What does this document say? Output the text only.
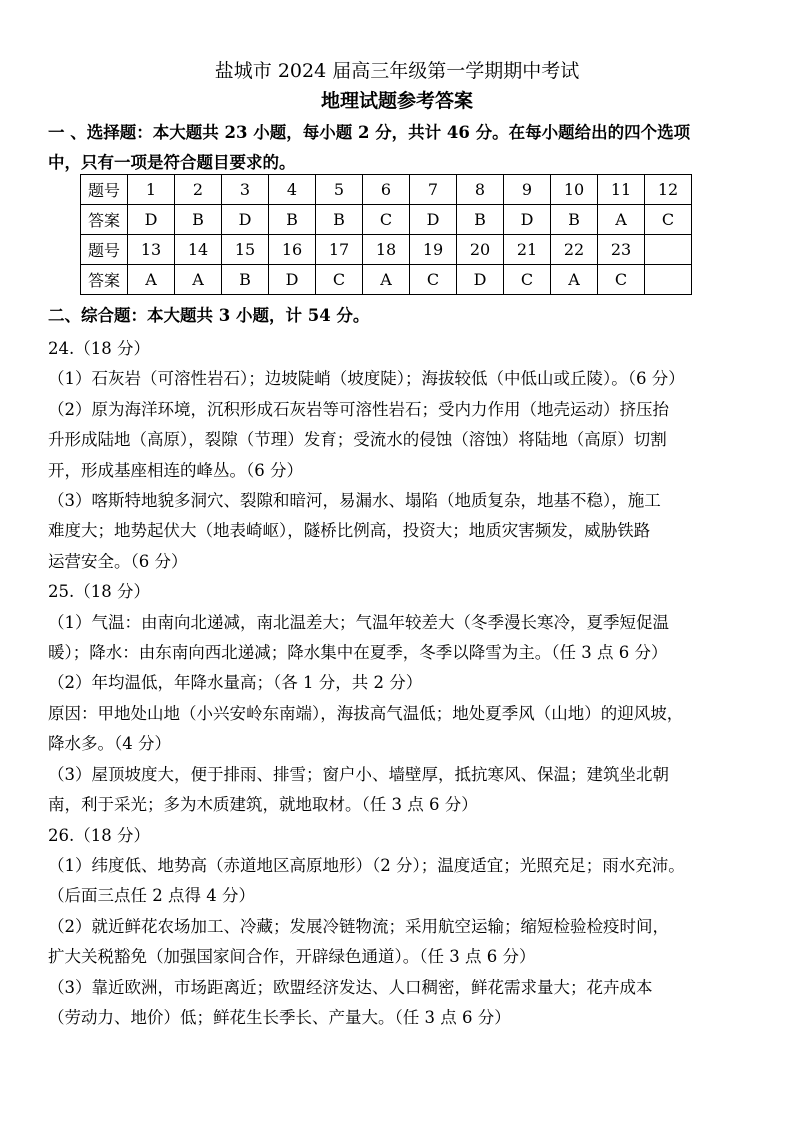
盐城市 2024 届高三年级第一学期期中考试
地理试题参考答案
一 、选择题：本大题共 23 小题，每小题 2 分，共计 46 分。在每小题给出的四个选项
中，只有一项是符合题目要求的。
题号	1	2	3	4	5	6	7	8	9	10	11	12
答案	D	B	D	B	B	C	D	B	D	B	A	C
题号	13	14	15	16	17	18	19	20	21	22	23	
答案	A	A	B	D	C	A	C	D	C	A	C	
二、综合题：本大题共 3 小题，计 54 分。

24.（18 分）

（1）石灰岩（可溶性岩石）；边坡陡峭（坡度陡）；海拔较低（中低山或丘陵）。（6 分）

（2）原为海洋环境，沉积形成石灰岩等可溶性岩石；受内力作用（地壳运动）挤压抬

升形成陆地（高原），裂隙（节理）发育；受流水的侵蚀（溶蚀）将陆地（高原）切割

开，形成基座相连的峰丛。（6 分）

（3）喀斯特地貌多洞穴、裂隙和暗河，易漏水、塌陷（地质复杂，地基不稳），施工

难度大；地势起伏大（地表崎岖），隧桥比例高，投资大；地质灾害频发，威胁铁路

运营安全。（6 分）

25.（18 分）

（1）气温：由南向北递减，南北温差大；气温年较差大（冬季漫长寒冷，夏季短促温

暖）；降水：由东南向西北递减；降水集中在夏季，冬季以降雪为主。（任 3 点 6 分）

（2）年均温低，年降水量高；（各 1 分，共 2 分）

原因：甲地处山地（小兴安岭东南端），海拔高气温低；地处夏季风（山地）的迎风坡，

降水多。（4 分）

（3）屋顶坡度大，便于排雨、排雪；窗户小、墙壁厚，抵抗寒风、保温；建筑坐北朝

南，利于采光；多为木质建筑，就地取材。（任 3 点 6 分）

26.（18 分）

（1）纬度低、地势高（赤道地区高原地形）（2 分）；温度适宜；光照充足；雨水充沛。

（后面三点任 2 点得 4 分）

（2）就近鲜花农场加工、冷藏；发展冷链物流；采用航空运输；缩短检验检疫时间，

扩大关税豁免（加强国家间合作，开辟绿色通道）。（任 3 点 6 分）

（3）靠近欧洲，市场距离近；欧盟经济发达、人口稠密，鲜花需求量大；花卉成本

（劳动力、地价）低；鲜花生长季长、产量大。（任 3 点 6 分）
